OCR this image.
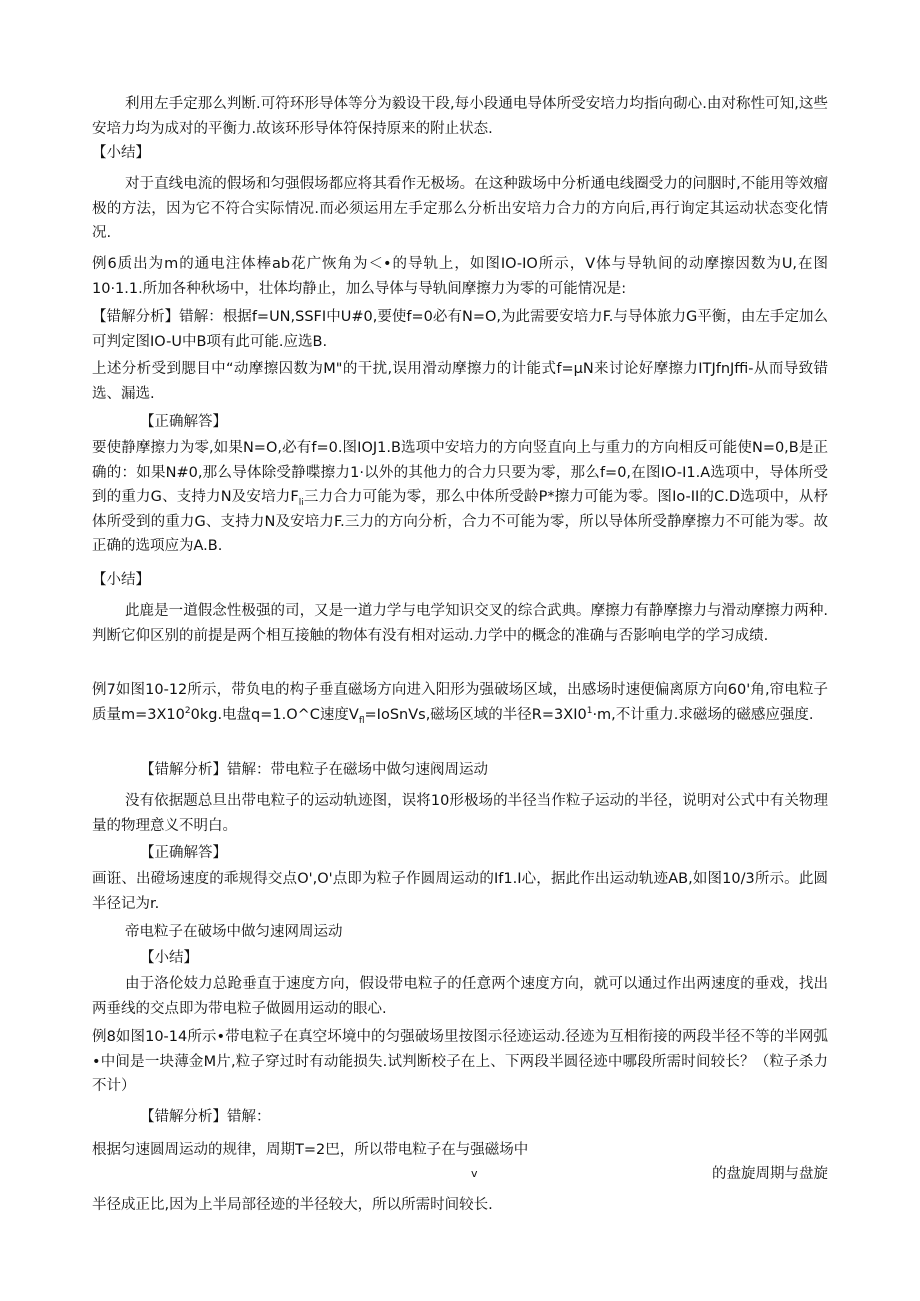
利用左手定那么判断.可符环形导体等分为毅设干段,每小段通电导体所受安培力均指向砌心.由对称性可知,这些安培力均为成对的平衡力.故该环形导体符保持原来的附止状态.

【小结】

对于直线电流的假场和匀强假场都应将其看作无极场。在这种跋场中分析通电线圈受力的问胭时,不能用等效瘤极的方法，因为它不符合实际情况.而必须运用左手定那么分析出安培力合力的方向后,再行询定其运动状态变化情况.

例6质出为m的通电注体棒ab花广恢角为＜•的导轨上，如图IO-IO所示，V体与导轨间的动摩擦因数为U,在图10·1.1.所加各种秋场中，壮体均静止，加么导体与导轨间摩擦力为零的可能情况是:

【错解分析】错解：根据f=UN,SSFI中U#0,要使f=0必有N=O,为此需要安培力F.与导体旅力G平衡，由左手定加么可判定图IO-U中B项有此可能.应选B.

上述分析受到腮目中“动摩擦囚数为M"的干扰,误用滑动摩擦力的计能式f=μN来讨论好摩擦力ITJfnJffi-从而导致错选、漏选.

【正确解答】

要使静摩擦力为零,如果N=O,必有f=0.图IOJ1.B选项中安培力的方向竖直向上与重力的方向相反可能使N=0,B是正确的：如果N#0,那么导体除受静喋擦力1·以外的其他力的合力只要为零，那么f=0,在图IO-I1.A选项中，导体所受到的重力G、支持力N及安培力$F_{li}$三力合力可能为零，那么中体所受龄P*擦力可能为零。图Io-II的C.D选项中，从杼体所受到的重力G、支持力N及安培力F.三力的方向分析，合力不可能为零，所以导体所受静摩擦力不可能为零。故正确的选项应为A.B.

【小结】

此鹿是一道假念性极强的司，又是一道力学与电学知识交叉的综合武典。摩擦力有静摩擦力与滑动摩擦力两种.判断它仰区别的前提是两个相互接触的物体有没有相对运动.力学中的概念的准确与否影响电学的学习成绩.

例7如图10-12所示，带负电的构子垂直磁场方向进入阳形为强破场区域，出感场时速便偏离原方向60'角,帘电粒子质量$m=3X10^20kg$.电盘q=1.O^C速度$V_{fl}=IoSnVs$,磁场区域的半径$R=3XI0^1\cdot m$,不计重力.求磁场的磁感应强度.

【错解分析】错解：带电粒子在磁场中做匀速阀周运动

没有依据题总旦出带电粒子的运动轨迹图，误将10形极场的半径当作粒子运动的半径，说明对公式中有关物理量的物理意义不明白。

【正确解答】

画诳、出磴场速度的乖规得交点O',O'点即为粒子作圆周运动的If1.I心，据此作出运动轨迹AB,如图10/3所示。此圆半径记为r.

帝电粒子在破场中做匀速网周运动

【小结】

由于洛伦妓力总跄垂直于速度方向，假设带电粒子的任意两个速度方向，就可以通过作出两速度的垂戏，找出两垂线的交点即为带电粒子做圆用运动的眼心.

例8如图10-14所示•带电粒子在真空坏境中的匀强破场里按图示径迹运动.径迹为互相衔接的两段半径不等的半网弧•中间是一块薄金M片,粒子穿过时有动能损失.试判断校子在上、下两段半圆径迹中哪段所需时间较长？（粒子杀力不计）

【错解分析】错解：

根据匀速圆周运动的规律，周期T=2巴，所以带电粒子在与强磁场中

v	的盘旋周期与盘旋

半径成正比,因为上半局部径迹的半径较大，所以所需时间较长.
